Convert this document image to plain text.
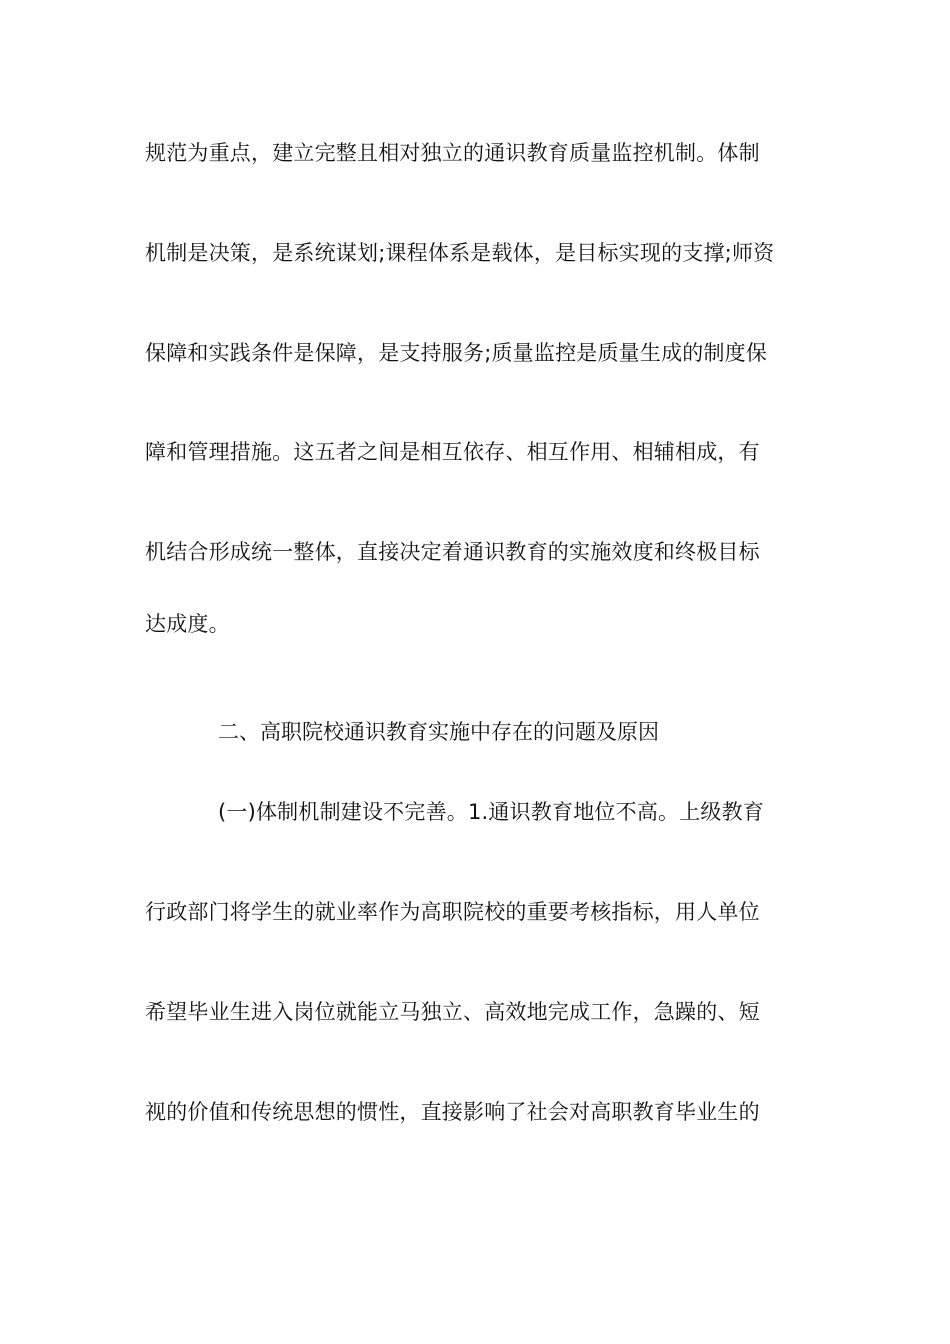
规范为重点，建立完整且相对独立的通识教育质量监控机制。体制
机制是决策，是系统谋划;课程体系是载体，是目标实现的支撑;师资
保障和实践条件是保障，是支持服务;质量监控是质量生成的制度保
障和管理措施。这五者之间是相互依存、相互作用、相辅相成，有
机结合形成统一整体，直接决定着通识教育的实施效度和终极目标
达成度。
二、高职院校通识教育实施中存在的问题及原因
(一)体制机制建设不完善。1.通识教育地位不高。上级教育
行政部门将学生的就业率作为高职院校的重要考核指标，用人单位
希望毕业生进入岗位就能立马独立、高效地完成工作，急躁的、短
视的价值和传统思想的惯性，直接影响了社会对高职教育毕业生的
